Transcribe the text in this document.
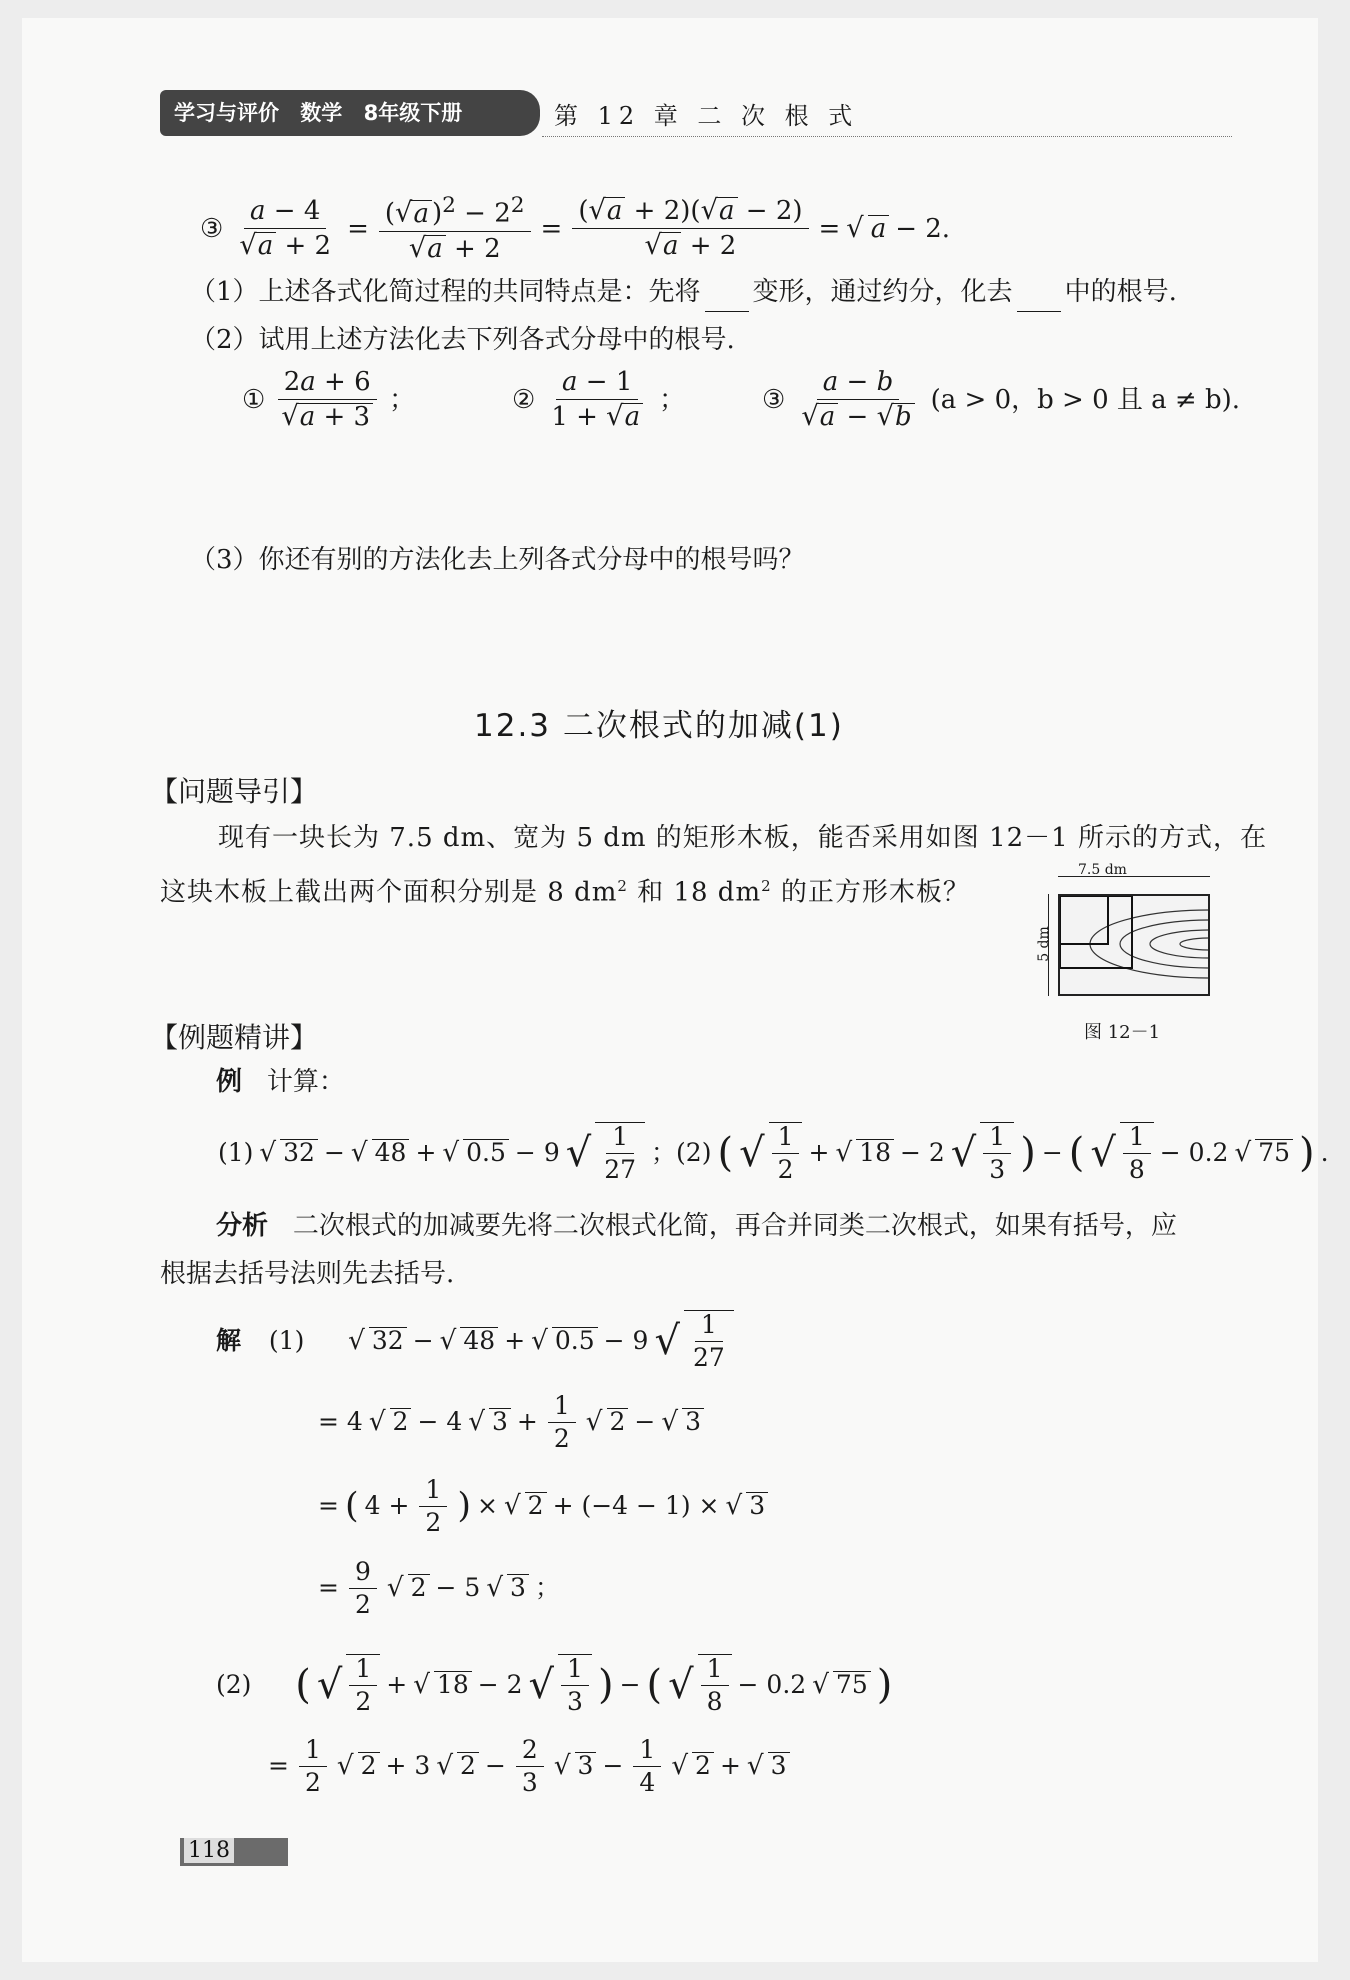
学习与评价 数学 8年级下册	第 12 章 二 次 根 式
③ $\frac{a - 4}{√a + 2} = \frac{(√a )^2 - 2^2}{√a + 2} = \frac{(√a + 2)(√a - 2)}{√a + 2}$ = √ a − 2.
（1）上述各式化简过程的共同特点是：先将 变形，通过约分，化去 中的根号.
（2）试用上述方法化去下列各式分母中的根号.
① $\frac{2a + 6}{√a + 3}$ ；	② $\frac{a - 1}{1 + √a}$ ；	③ $\frac{a - b}{√a - √b} (a > 0$，b > 0 且 a ≠ b).
（3）你还有别的方法化去上列各式分母中的根号吗？
12.3 二次根式的加减(1)
【问题导引】
现有一块长为 7.5 dm、宽为 5 dm 的矩形木板，能否采用如图 12－1 所示的方式，在
这块木板上截出两个面积分别是 8 $dm^2$ 和 18 $dm^2$ 的正方形木板？
7.5 dm
5 dm
图 12－1
【例题精讲】
例 计算：
(1) √ 32 − √ 48 + √ 0.5 − 9 √ $\frac{1}{27}$ ；(2) ( √ $\frac{1}{2}$ + √ 18 − 2 √ $\frac{1}{3}$ ) − ( √ $\frac{1}{8} - 0.2$ √ 75 ) .
分析 二次根式的加减要先将二次根式化简，再合并同类二次根式，如果有括号，应
根据去括号法则先去括号.
解
(1)
√ 32 − √ 48 + √ 0.5 − 9 √ $\frac{1}{27}$
= 4 √ 2 − 4 √ $3 + \frac{1}{2}$ √ 2 − √ 3
= ( $4 + \frac{1}{2}$ ) × √ 2 + (−4 − 1) × √ 3
= $\frac{9}{2}$ √ 2 − 5 √ 3 ；
(2)
( √ $\frac{1}{2}$ + √ 18 − 2 √ $\frac{1}{3}$ ) − ( √ $\frac{1}{8} - 0.2$ √ 75 )
= $\frac{1}{2}$ √ 2 + 3 √ $2 - \frac{2}{3}$ √ $3 - \frac{1}{4}$ √ 2 + √ 3
118
